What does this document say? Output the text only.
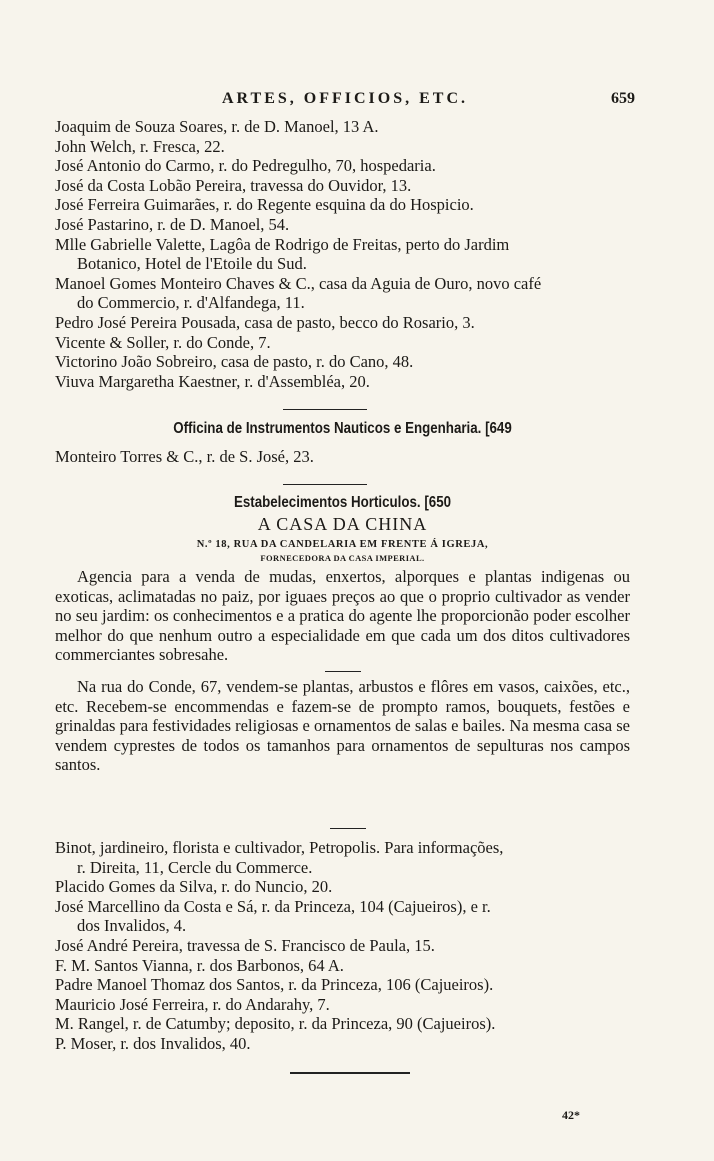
ARTES, OFFICIOS, ETC.	659
Joaquim de Souza Soares, r. de D. Manoel, 13 A.
John Welch, r. Fresca, 22.
José Antonio do Carmo, r. do Pedregulho, 70, hospedaria.
José da Costa Lobão Pereira, travessa do Ouvidor, 13.
José Ferreira Guimarães, r. do Regente esquina da do Hospicio.
José Pastarino, r. de D. Manoel, 54.
Mlle Gabrielle Valette, Lagôa de Rodrigo de Freitas, perto do Jardim
Botanico, Hotel de l'Etoile du Sud.
Manoel Gomes Monteiro Chaves & C., casa da Aguia de Ouro, novo café
do Commercio, r. d'Alfandega, 11.
Pedro José Pereira Pousada, casa de pasto, becco do Rosario, 3.
Vicente & Soller, r. do Conde, 7.
Victorino João Sobreiro, casa de pasto, r. do Cano, 48.
Viuva Margaretha Kaestner, r. d'Assembléa, 20.
Officina de Instrumentos Nauticos e Engenharia. [649
Monteiro Torres & C., r. de S. José, 23.
Estabelecimentos Horticulos. [650
A CASA DA CHINA
N.º 18, RUA DA CANDELARIA EM FRENTE Á IGREJA,
FORNECEDORA DA CASA IMPERIAL.
Agencia para a venda de mudas, enxertos, alporques e plantas indigenas ou exoticas, aclimatadas no paiz, por iguaes preços ao que o proprio cultivador as vender no seu jardim: os conhecimentos e a pratica do agente lhe proporcionão poder escolher melhor do que nenhum outro a especialidade em que cada um dos ditos cultivadores commerciantes sobresahe.
Na rua do Conde, 67, vendem-se plantas, arbustos e flôres em vasos, caixões, etc., etc. Recebem-se encommendas e fazem-se de prompto ramos, bouquets, festões e grinaldas para festividades religiosas e ornamentos de salas e bailes. Na mesma casa se vendem cyprestes de todos os tamanhos para ornamentos de sepulturas nos campos santos.
Binot, jardineiro, florista e cultivador, Petropolis. Para informações,
r. Direita, 11, Cercle du Commerce.
Placido Gomes da Silva, r. do Nuncio, 20.
José Marcellino da Costa e Sá, r. da Princeza, 104 (Cajueiros), e r.
dos Invalidos, 4.
José André Pereira, travessa de S. Francisco de Paula, 15.
F. M. Santos Vianna, r. dos Barbonos, 64 A.
Padre Manoel Thomaz dos Santos, r. da Princeza, 106 (Cajueiros).
Mauricio José Ferreira, r. do Andarahy, 7.
M. Rangel, r. de Catumby; deposito, r. da Princeza, 90 (Cajueiros).
P. Moser, r. dos Invalidos, 40.
42*
